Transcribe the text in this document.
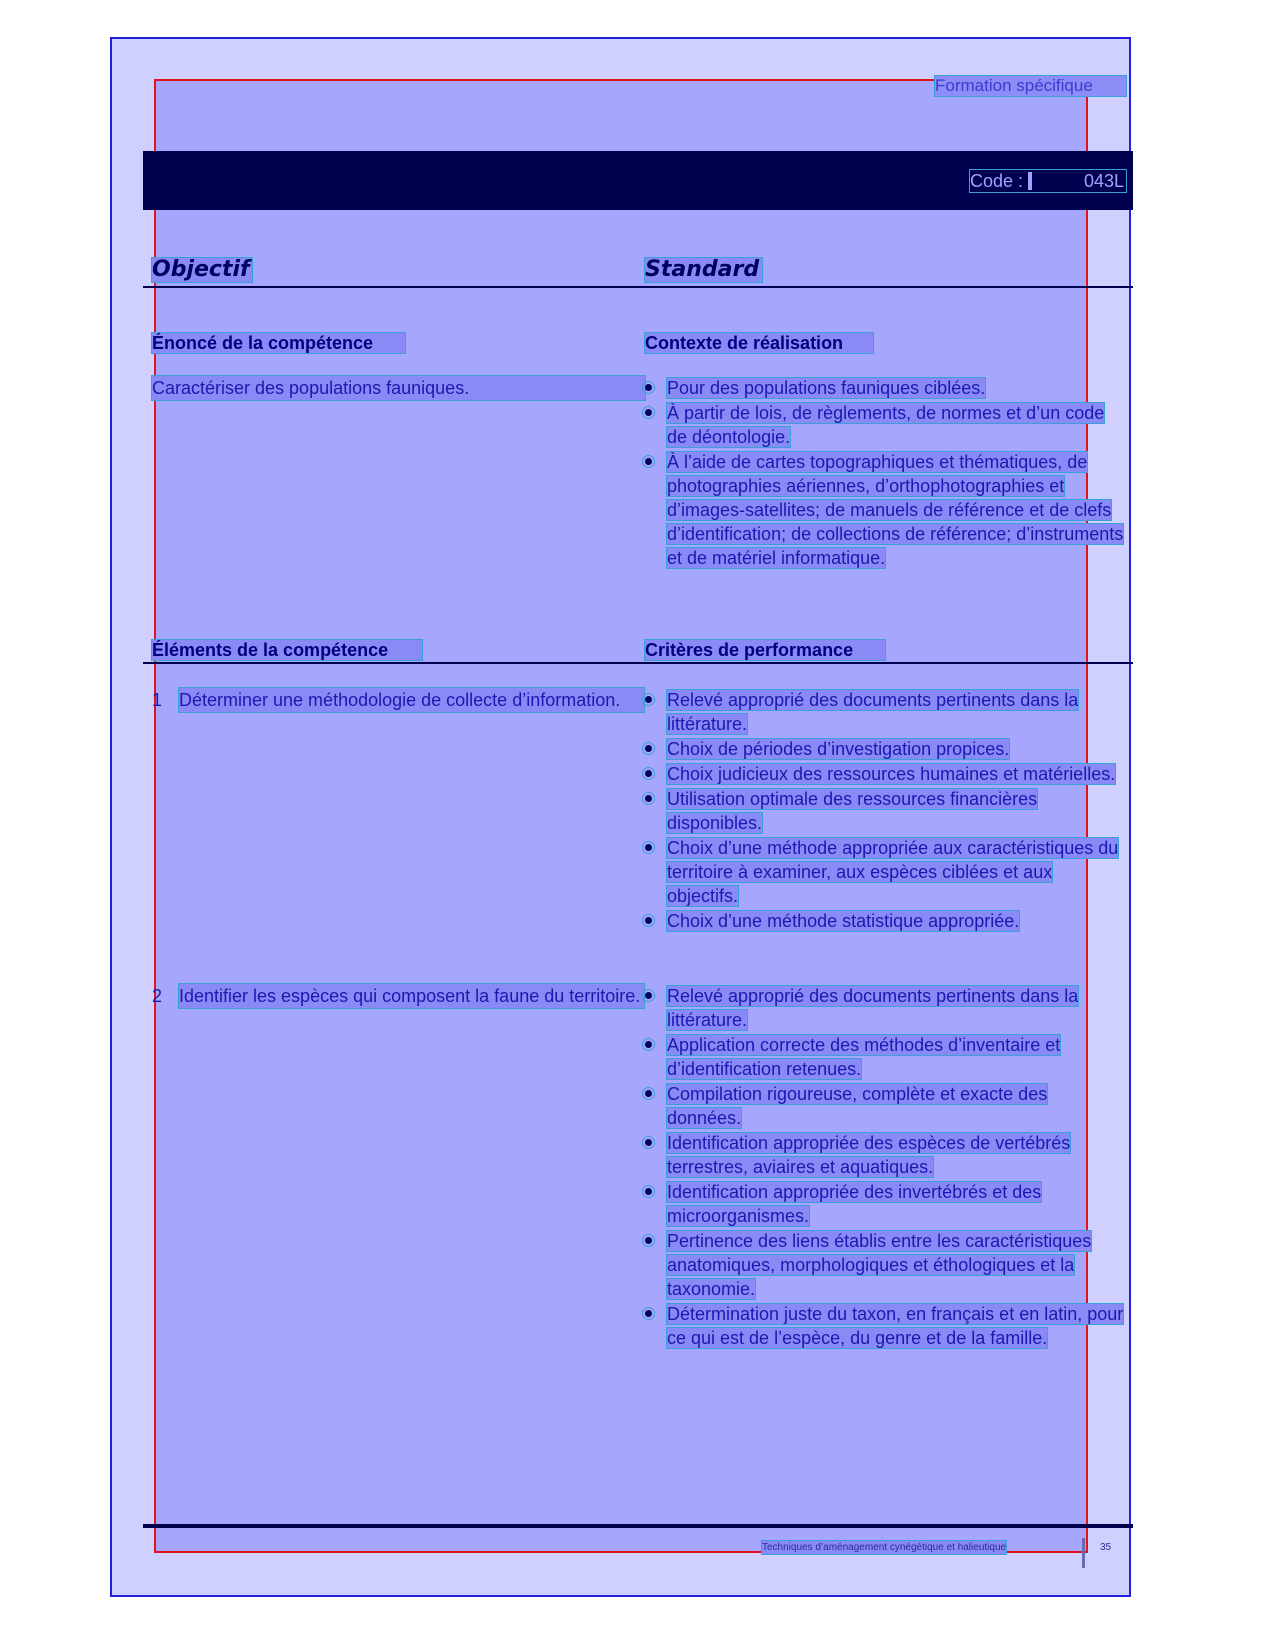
Formation spécifique
Code :	043L
Objectif	Standard
Énoncé de la compétence	Contexte de réalisation
Caractériser des populations fauniques.	Pour des populations fauniques ciblées.
À partir de lois, de règlements, de normes et d’un code de déontologie.
À l’aide de cartes topographiques et thématiques, de photographies aériennes, d’orthophotographies et d’images-satellites; de manuels de référence et de clefs d’identification; de collections de référence; d’instruments et de matériel informatique.
Éléments de la compétence	Critères de performance
1 Déterminer une méthodologie de collecte d’information.	Relevé approprié des documents pertinents dans la littérature.
Choix de périodes d’investigation propices.
Choix judicieux des ressources humaines et matérielles.
Utilisation optimale des ressources financières disponibles.
Choix d’une méthode appropriée aux caractéristiques du territoire à examiner, aux espèces ciblées et aux objectifs.
Choix d’une méthode statistique appropriée.
2 Identifier les espèces qui composent la faune du territoire.	Relevé approprié des documents pertinents dans la littérature.
Application correcte des méthodes d’inventaire et d’identification retenues.
Compilation rigoureuse, complète et exacte des données.
Identification appropriée des espèces de vertébrés terrestres, aviaires et aquatiques.
Identification appropriée des invertébrés et des microorganismes.
Pertinence des liens établis entre les caractéristiques anatomiques, morphologiques et éthologiques et la taxonomie.
Détermination juste du taxon, en français et en latin, pour ce qui est de l’espèce, du genre et de la famille.
Techniques d’aménagement cynégétique et halieutique	35
